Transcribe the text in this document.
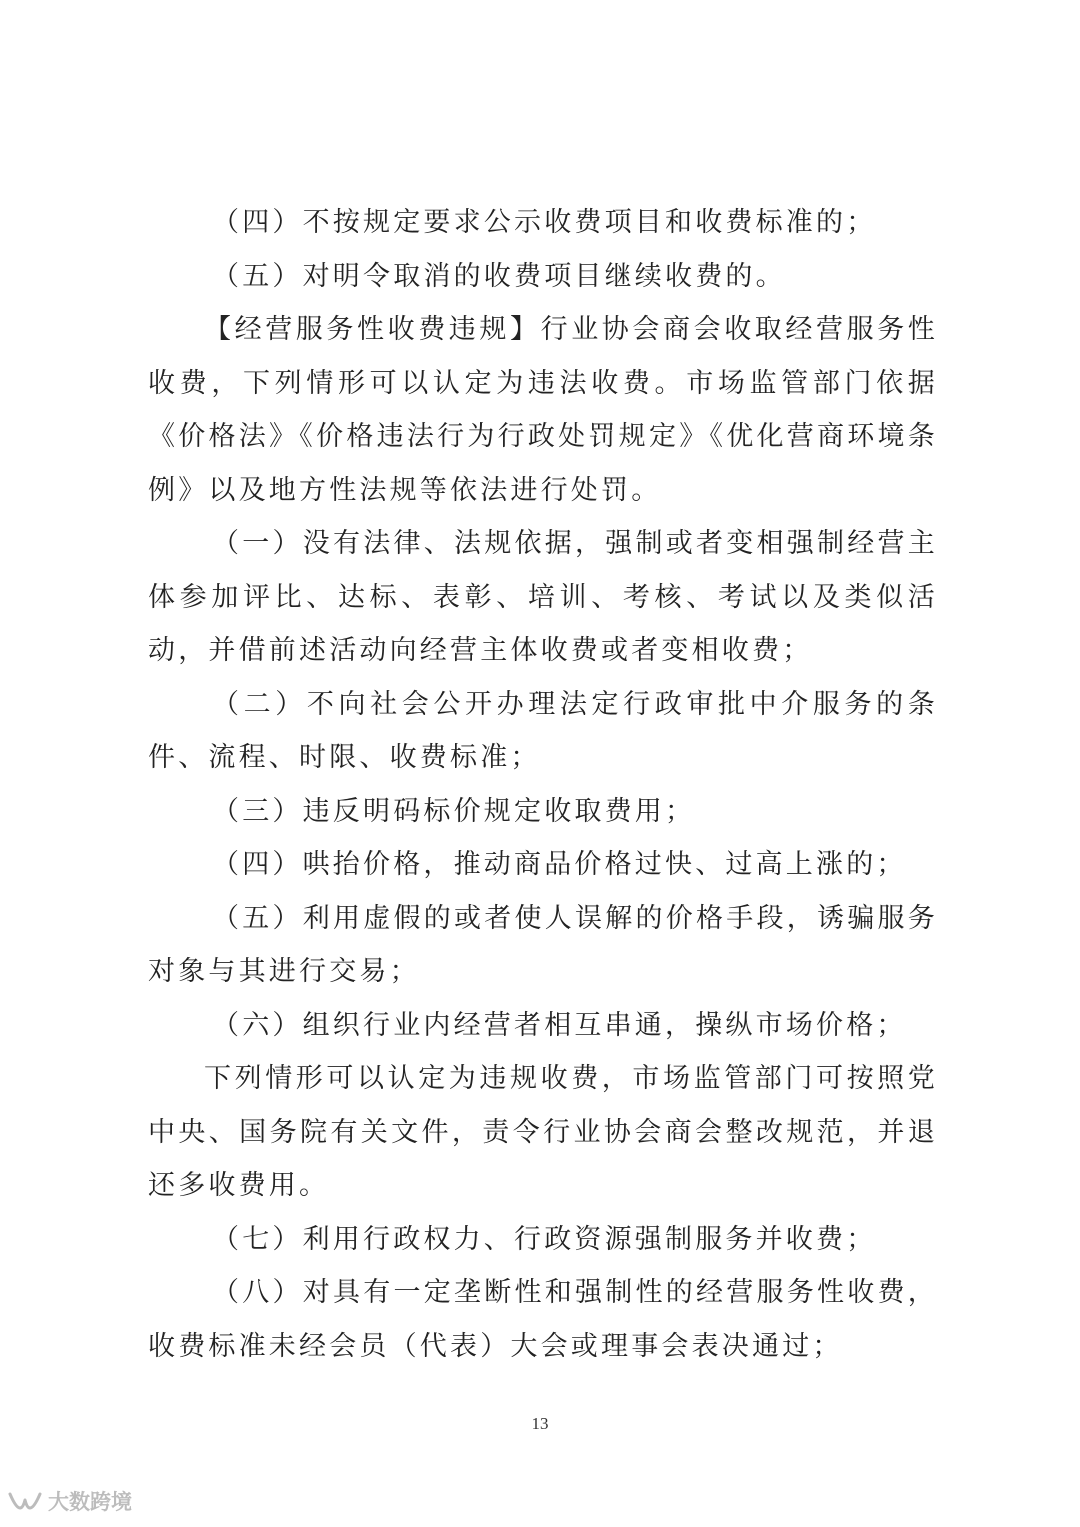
（四）不按规定要求公示收费项目和收费标准的；

（五）对明令取消的收费项目继续收费的。

【经营服务性收费违规】行业协会商会收取经营服务性收费，下列情形可以认定为违法收费。市场监管部门依据《价格法》《价格违法行为行政处罚规定》《优化营商环境条例》以及地方性法规等依法进行处罚。

（一）没有法律、法规依据，强制或者变相强制经营主体参加评比、达标、表彰、培训、考核、考试以及类似活动，并借前述活动向经营主体收费或者变相收费；

（二）不向社会公开办理法定行政审批中介服务的条件、流程、时限、收费标准；

（三）违反明码标价规定收取费用；

（四）哄抬价格，推动商品价格过快、过高上涨的；

（五）利用虚假的或者使人误解的价格手段，诱骗服务对象与其进行交易；

（六）组织行业内经营者相互串通，操纵市场价格；

下列情形可以认定为违规收费，市场监管部门可按照党中央、国务院有关文件，责令行业协会商会整改规范，并退还多收费用。

（七）利用行政权力、行政资源强制服务并收费；

（八）对具有一定垄断性和强制性的经营服务性收费，收费标准未经会员（代表）大会或理事会表决通过；

13
大数跨境
